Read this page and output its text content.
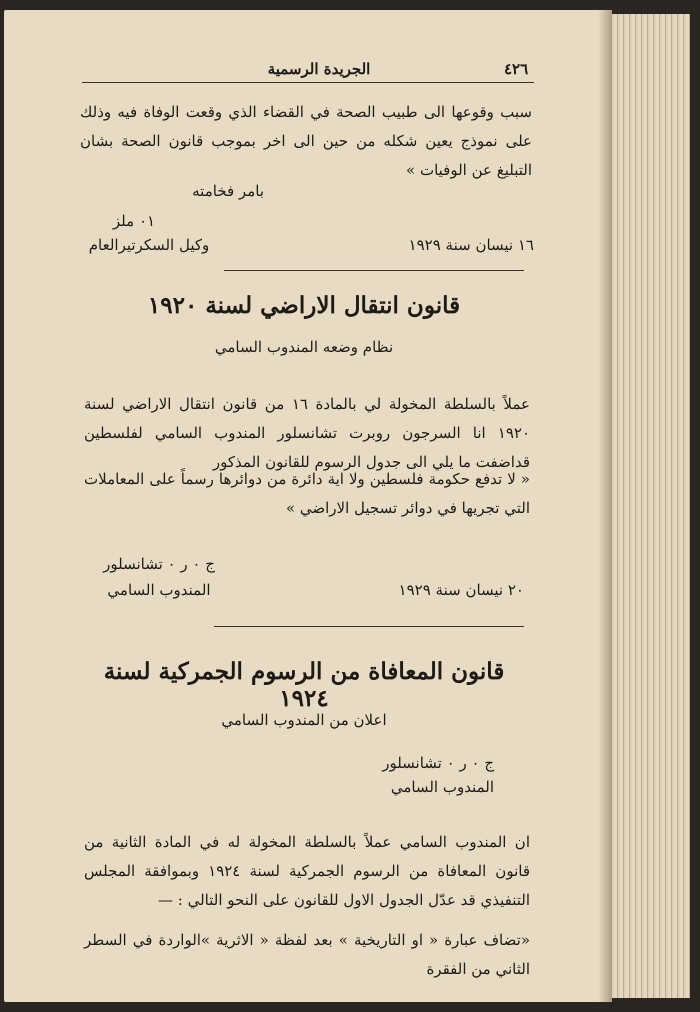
الجريدة الرسمية	٤٢٦
سبب وقوعها الى طبيب الصحة في القضاء الذي وقعت الوفاة فيه وذلك على نموذج يعين شكله من حين الى اخر بموجب قانون الصحة بشان التبليغ عن الوفيات »
بامر فخامته
٠١ ملز
وكيل السكرتيرالعام	١٦ نيسان سنة ١٩٢٩
قانون انتقال الاراضي لسنة ١٩٢٠
نظام وضعه المندوب السامي
عملاً بالسلطة المخولة لي بالمادة ١٦ من قانون انتقال الاراضي لسنة ١٩٢٠ انا السرجون روبرت تشانسلور المندوب السامي لفلسطين قداضفت ما يلي الى جدول الرسوم للقانون المذكور
« لا تدفع حكومة فلسطين ولا اية دائرة من دوائرها رسماً على المعاملات التي تجريها في دوائر تسجيل الاراضي »
ج ٠ ر ٠ تشانسلور
المندوب السامي	٢٠ نيسان سنة ١٩٢٩
قانون المعافاة من الرسوم الجمركية لسنة ١٩٢٤
اعلان من المندوب السامي
ج ٠ ر ٠ تشانسلور
المندوب السامي
ان المندوب السامي عملاً بالسلطة المخولة له في المادة الثانية من قانون المعافاة من الرسوم الجمركية لسنة ١٩٢٤ وبموافقة المجلس التنفيذي قد عدّل الجدول الاول للقانون على النحو التالي : —
«تضاف عبارة « او التاريخية » بعد لفظة « الاثرية »الواردة في السطر الثاني من الفقرة
